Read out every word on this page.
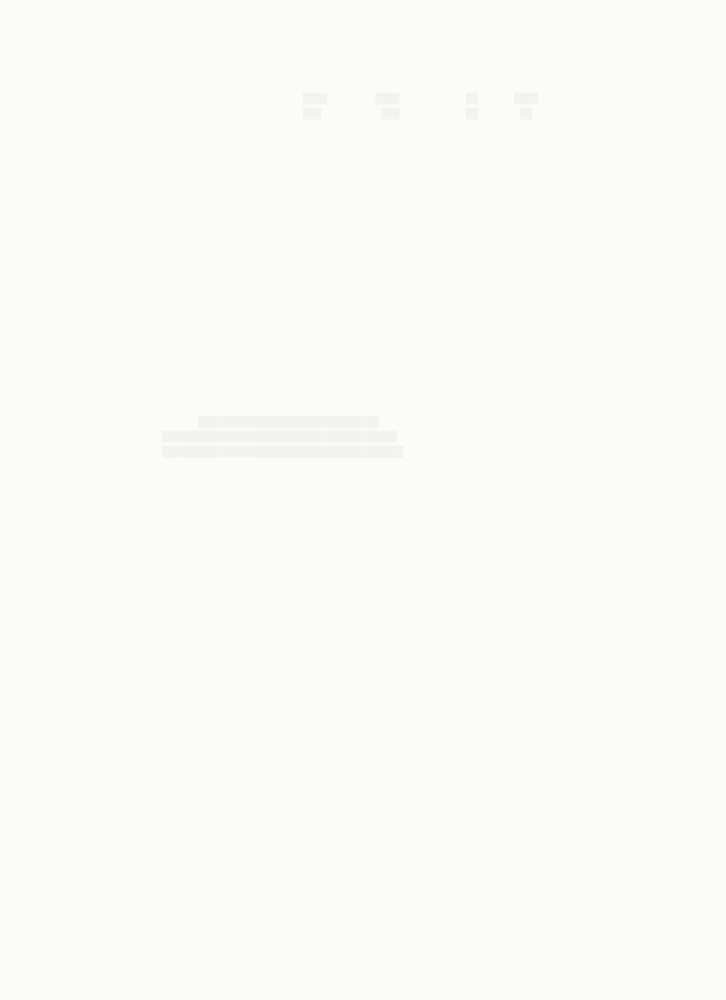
▒▒▒▒        ▒▒▒▒           ▒▒      ▒▒▒▒
▒▒▒          ▒▒▒           ▒▒       ▒▒
▒▒▒▒▒▒▒▒▒▒▒▒▒▒▒▒▒▒▒▒▒▒▒▒▒▒▒▒▒▒
▒▒▒▒▒▒▒▒▒▒▒▒▒▒▒▒▒▒▒▒▒▒▒▒▒▒▒▒▒▒▒▒▒▒▒▒▒▒▒
▒▒▒▒▒▒▒▒▒▒▒▒▒▒▒▒▒▒▒▒▒▒▒▒▒▒▒▒▒▒▒▒▒▒▒▒▒▒▒▒
